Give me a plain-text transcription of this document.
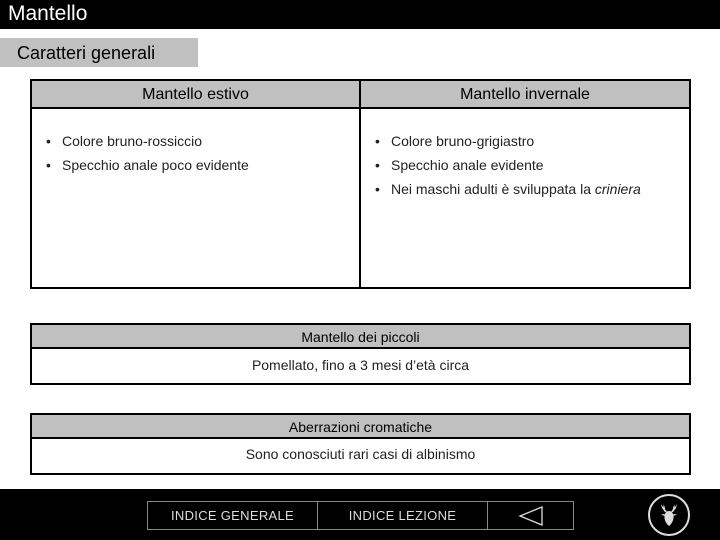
Mantello
Caratteri generali
Mantello estivo
• Colore bruno-rossiccio
• Specchio anale poco evidente
Mantello invernale
• Colore bruno-grigiastro
• Specchio anale evidente
• Nei maschi adulti è sviluppata la criniera
Mantello dei piccoli
Pomellato, fino a 3 mesi d’età circa
Aberrazioni cromatiche
Sono conosciuti rari casi di albinismo
INDICE GENERALE	INDICE LEZIONE
